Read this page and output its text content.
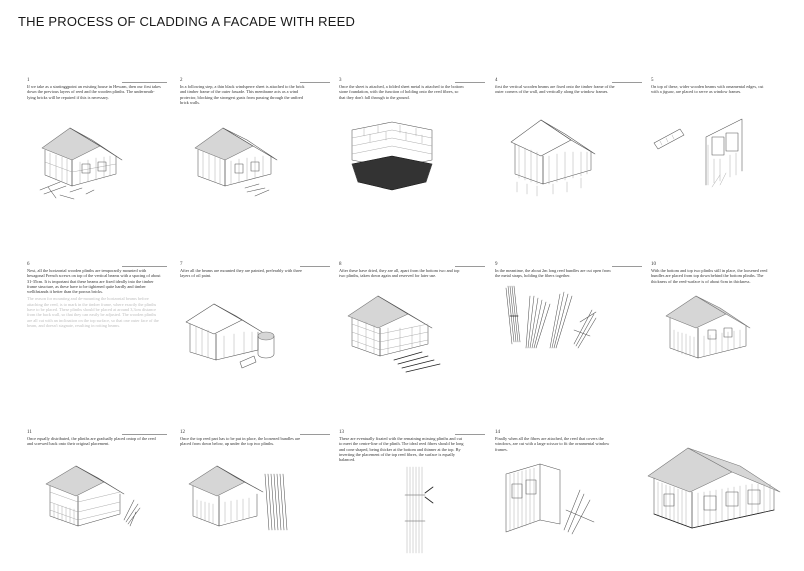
THE PROCESS OF CLADDING A FACADE WITH REED
1
If we take as a startinggpoint an existing house in Hewam, then our first takes down the previous layers of reed and the wooden plinths. The underneath-lying bricks will be repaired if this is necessary.
2
In a following step, a thin black windsperre sheet is attached to the brick and timber frame of the outer fassade. This membrane acts as a wind protector, blocking the strongest gusts from passing through the unfired brick walls.
3
Once the sheet is attached, a folded sheet metal is attached to the bottom stone foundation, with the function of holding onto the reed fibres, so that they don't fall through to the ground.
4
first the vertical wooden beams are fixed onto the timber frame of the outer corners of the wall, and vertically along the window frames.
5
On top of these, wider wooden beams with ornamental edges, cut with a jigsaw, are placed to serve as window frames.
6
Next, all the horizontal wooden plinths are temporarily mounted with hexagonal French screws on top of the vertical beams with a spacing of about 31-35cm. It is important that these beams are fixed ideally into the timber frame structure, as these have to be tightened quite hardly and timber wellthstands it better than the porous bricks.
The reason for mounting and de-mounting the horizontal beams before attaching the reed, is to mark in the timber frame, where exactly the plinths have to be placed. These plinths should be placed at around 3,3cm distance from the back wall, so that they can easily be adjusted. The wooden plinths are all cut with an inclination on the top surface, so that one outer face of the beam, and doesn't stagnate, resulting in rotting beams.
7
After all the beams are mounted they are painted, preferably with three layers of oil paint.
8
After these have dried, they are all, apart from the bottom two and top two plinths, taken down again and reserved for later use.
9
In the meantime, the about 2m long reed bundles are cut open from the metal straps, holding the fibers together.
10
With the bottom and top two plinths still in place, the loosened reed bundles are placed from top down behind the bottom plinths. The thickness of the reed-surface is of about 6cm in thickness.
11
Once equally distributed, the plinths are gradually placed ontop of the reed and screwed back onto their original placement.
12
Once the top reed part has to be put in place, the loosened bundles are placed from down below, up under the top two plinths.
13
These are eventually fixated with the remaining missing plinths and cut to meet the centre-line of the plinth. The ideal reed fibres should be long and cone shaped, being thicker at the bottom and thinner at the top. By inverting the placement of the top reed fibres, the surface is equally balanced.
14
Finally when all the fibres are attached, the reed that covers the windows, are cut with a large scissor to fit the ornamental window frames.
